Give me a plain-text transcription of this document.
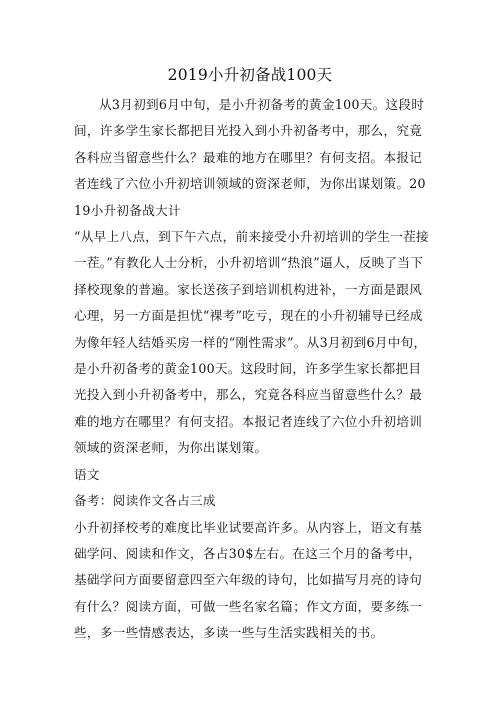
2019小升初备战100天

从3月初到6月中旬，是小升初备考的黄金100天。这段时间，许多学生家长都把目光投入到小升初备考中，那么，究竟各科应当留意些什么？最难的地方在哪里？有何支招。本报记者连线了六位小升初培训领域的资深老师，为你出谋划策。2019小升初备战大计

“从早上八点，到下午六点，前来接受小升初培训的学生一茬接一茬。”有教化人士分析，小升初培训“热浪”逼人，反映了当下择校现象的普遍。家长送孩子到培训机构进补，一方面是跟风心理，另一方面是担忧“裸考”吃亏，现在的小升初辅导已经成为像年轻人结婚买房一样的“刚性需求”。从3月初到6月中旬，是小升初备考的黄金100天。这段时间，许多学生家长都把目光投入到小升初备考中，那么，究竟各科应当留意些什么？最难的地方在哪里？有何支招。本报记者连线了六位小升初培训领域的资深老师，为你出谋划策。

语文

备考：阅读作文各占三成

小升初择校考的难度比毕业试要高许多。从内容上，语文有基础学问、阅读和作文，各占30$左右。在这三个月的备考中，基础学问方面要留意四至六年级的诗句，比如描写月亮的诗句有什么？阅读方面，可做一些名家名篇；作文方面，要多练一些，多一些情感表达，多读一些与生活实践相关的书。
